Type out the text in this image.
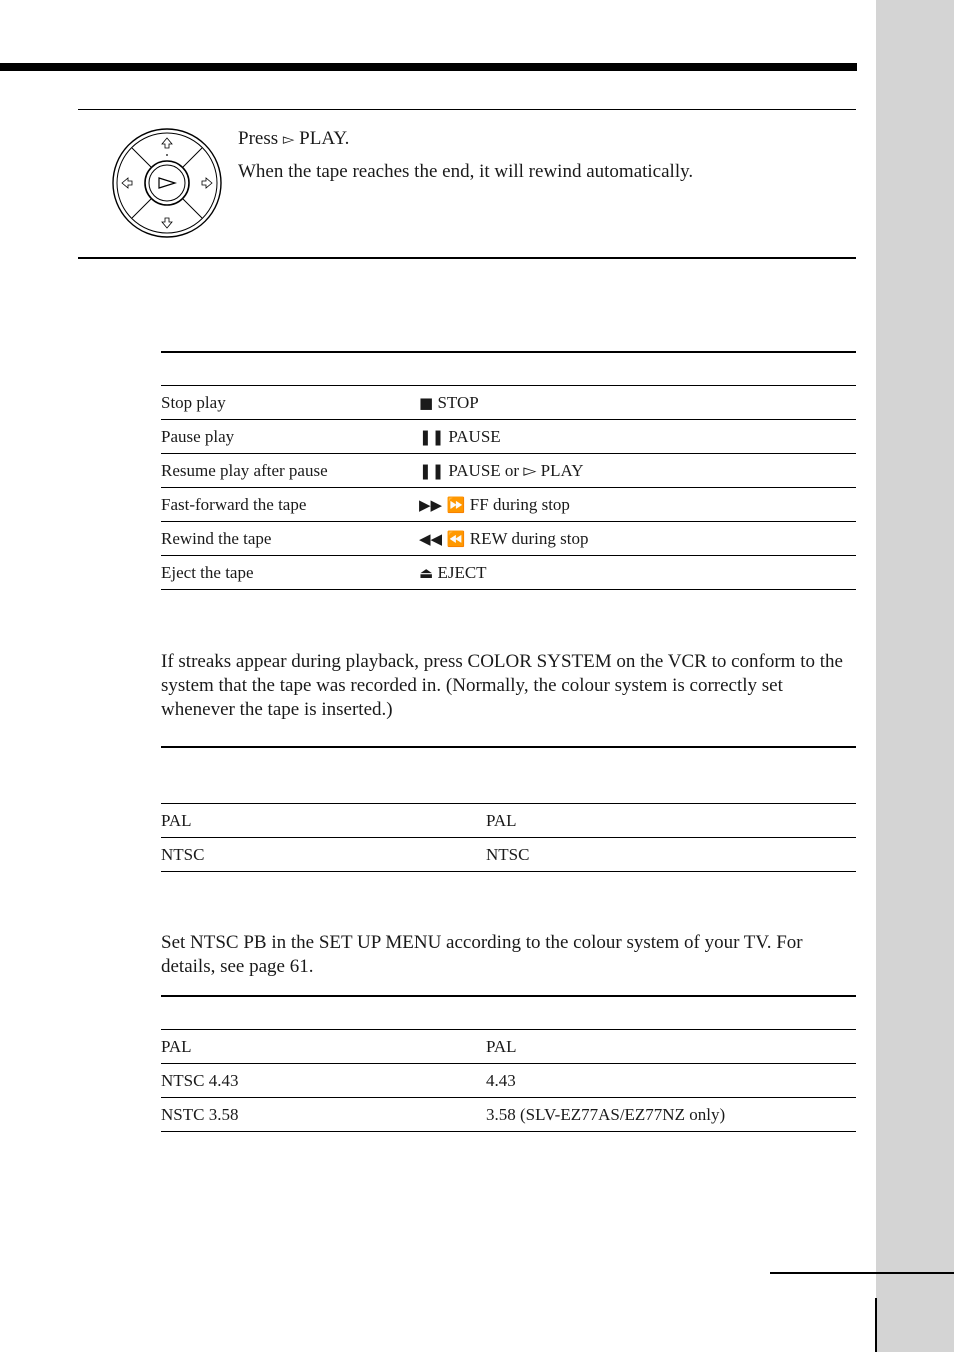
Press ▻ PLAY.
When the tape reaches the end, it will rewind automatically.
Stop play	■ STOP
Pause play	❚❚ PAUSE
Resume play after pause	❚❚ PAUSE or ▻ PLAY
Fast-forward the tape	▶▶ ⏩ FF during stop
Rewind the tape	◀◀ ⏪ REW during stop
Eject the tape	⏏ EJECT

If streaks appear during playback, press COLOR SYSTEM on the VCR to conform to the system that the tape was recorded in. (Normally, the colour system is correctly set whenever the tape is inserted.)

PAL	PAL
NTSC	NTSC

Set NTSC PB in the SET UP MENU according to the colour system of your TV. For details, see page 61.

PAL	PAL
NTSC 4.43	4.43
NSTC 3.58	3.58 (SLV-EZ77AS/EZ77NZ only)
